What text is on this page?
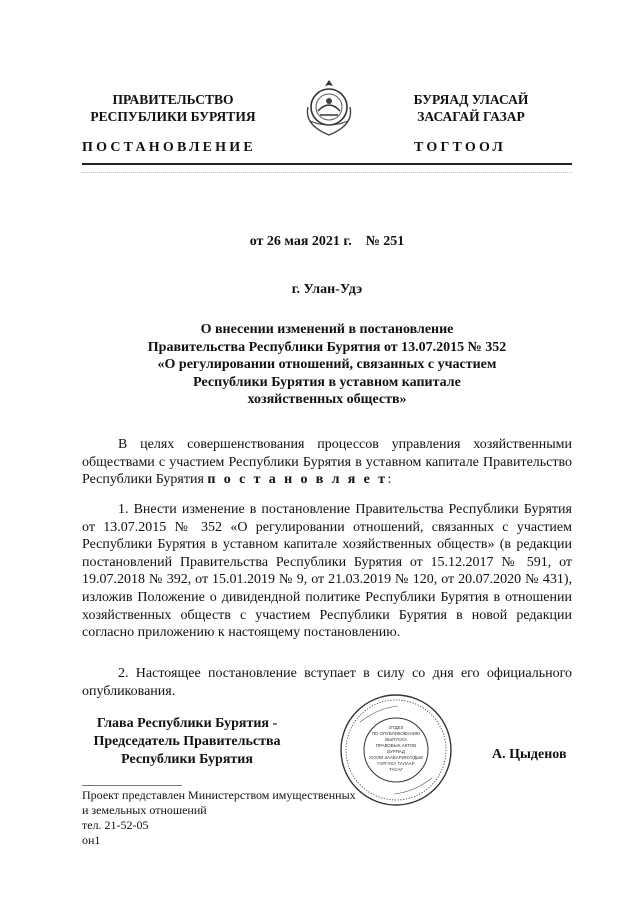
ПРАВИТЕЛЬСТВО
РЕСПУБЛИКИ БУРЯТИЯ
БУРЯАД УЛАСАЙ
ЗАСАГАЙ ГАЗАР
ПОСТАНОВЛЕНИЕ	ТОГТООЛ
от 26 мая 2021 г.    № 251
г. Улан-Удэ
О внесении изменений в постановление
Правительства Республики Бурятия от 13.07.2015 № 352
«О регулировании отношений, связанных с участием
Республики Бурятия в уставном капитале
хозяйственных обществ»
В целях совершенствования процессов управления хозяйственными обществами с участием Республики Бурятия в уставном капитале Правительство Республики Бурятия п о с т а н о в л я е т:
1. Внести изменение в постановление Правительства Республики Бурятия от 13.07.2015 № 352 «О регулировании отношений, связанных с участием Республики Бурятия в уставном капитале хозяйственных обществ» (в редакции постановлений Правительства Республики Бурятия от 15.12.2017 № 591, от 19.07.2018 № 392, от 15.01.2019 № 9, от 21.03.2019 № 120, от 20.07.2020 № 431), изложив Положение о дивидендной политике Республики Бурятия в отношении хозяйственных обществ с участием Республики Бурятия в новой редакции согласно приложению к настоящему постановлению.
2. Настоящее постановление вступает в силу со дня его официального опубликования.
Глава Республики Бурятия -
Председатель Правительства
Республики Бурятия
ОТДЕЛ
ПО ОПУБЛИКОВАНИЮ
ВЫПУСКА
ПРАВОВЫХ АКТОВ
БУРЯАД
ХУУЛИ ЗААБАРИНУУДЫЕ
ГАРГАХА ТАЛААР
ТАСАГ
А. Цыденов
Проект представлен Министерством имущественных
и земельных отношений
тел. 21-52-05
он1
